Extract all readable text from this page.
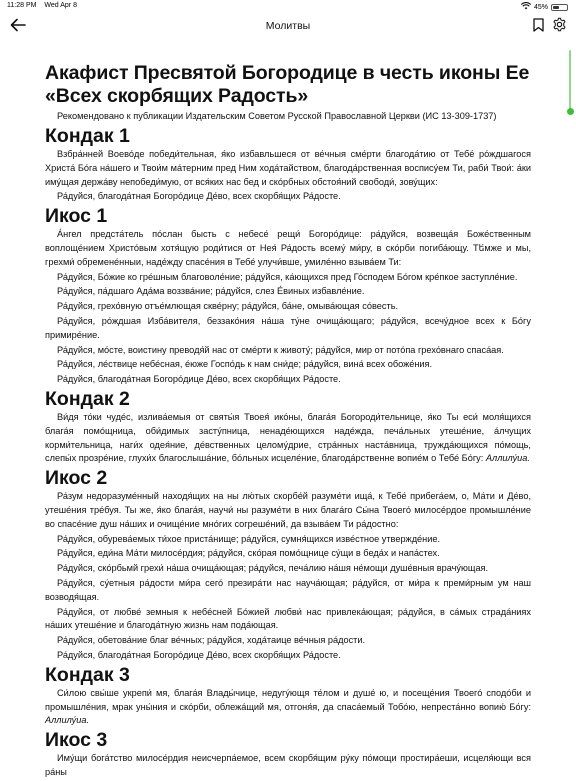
11:28 PM Wed Apr 8	45%
Молитвы
Акафист Пресвятой Богородице в честь иконы Ее «Всех скорбящих Радость»

Рекомендовано к публикации Издательским Советом Русской Православной Церкви (ИС 13-309-1737)

Кондак 1

Взбра́нней Воево́де победи́тельная, я́ко избавльшеся от ве́чныя сме́рти благода́тию от Тебе́ ро́ждшагося Христа́ Бо́га на́шего и Твои́м ма́терним пред Ним хода́тайством, благода́рственная воспису́ем Ти, раби́ Твои́: а́ки иму́щая держа́ву непобеди́мую, от вся́ких нас бед и ско́рбных обстоя́ний свободи́, зову́щих:

Ра́дуйся, благода́тная Богоро́дице Де́во, всех скорбя́щих Ра́досте.

Икос 1

А́нгел предста́тель по́слан бысть с небесе́ рещи́ Богоро́дице: ра́дуйся, возвеща́я Боже́ственным воплоще́нием Христо́вым хотя́щую роди́тися от Нея́ Ра́дость всему́ ми́ру, в ско́рби погиба́ющу. Тե́мже и мы, грехми́ обремене́нныи, наде́жду спасе́ния в Тебе́ улучи́вше, умиле́нно взыва́ем Ти:

Ра́дуйся, Бо́жие ко гре́шным благоволе́ние; ра́дуйся, ка́ющихся пред Го́сподем Бо́гом кре́пкое заступле́ние.

Ра́дуйся, па́дшаго Ада́ма воззва́ние; ра́дуйся, слез Е́виных избавле́ние.

Ра́дуйся, грехо́вную отъе́млющая скве́рну; ра́дуйся, ба́не, омыва́ющая со́весть.

Ра́дуйся, ро́ждшая Изба́вителя, беззако́ния на́ша ту́не очища́ющаго; ра́дуйся, всечу́дное всех к Бо́гу примире́ние.

Ра́дуйся, мо́сте, воистину преводя́й нас от сме́рти к животу́; ра́дуйся, мир от пото́па грехо́внаго спаса́ая.

Ра́дуйся, ле́ствице небе́сная, е́юже Госпо́дь к нам сни́де; ра́дуйся, вина́ всех обоже́ния.

Ра́дуйся, благода́тная Богоро́дице Де́во, всех скорбя́щих Ра́досте.

Кондак 2

Ви́дя то́ки чуде́с, излива́емыя от святы́я Твоея́ ико́ны, блага́я Богороди́тельнице, я́ко Ты еси́ моля́щихся блага́я помо́щница, оби́димых засту́пница, ненаде́ющихся наде́жда, печа́льных утеше́ние, а́лчущих корми́тельница, наги́х одея́ние, де́вственных целому́дрие, стра́нных наста́вница, тружда́ющихся по́мощь, слепы́х прозре́ние, глухи́х благослыша́ние, бо́льных исцеле́ние, благода́рственне вопие́м о Тебе́ Бо́гу: Аллилу́иа.

Икос 2

Ра́зум недоразуме́нный находя́щих на ны лю́тых скорбе́й разуме́ти ища́, к Тебе́ прибега́ем, о, Ма́ти и Де́во, утеше́ния тре́буя. Ты же, я́ко блага́я, научи́ ны разуме́ти в них блага́го Сы́на Твоего́ милосе́рдое промышле́ние во спасе́ние душ на́ших и очище́ние мно́гих согреше́ний, да взыва́ем Ти ра́достно:

Ра́дуйся, обурева́емых ти́хое приста́нище; ра́дуйся, сумня́щихся изве́стное утвержде́ние.

Ра́дуйся, еди́на Ма́ти милосе́рдия; ра́дуйся, ско́рая помо́щнице су́щи в беда́х и напа́стех.

Ра́дуйся, ско́рбьмй грехи́ на́ша очища́ющая; ра́дуйся, печа́лию на́шя не́мощи душе́вныя врачу́ющая.

Ра́дуйся, су́етныя ра́дости ми́ра сего́ презира́ти нас науча́ющая; ра́дуйся, от ми́ра к преми́рным ум наш возводя́щая.

Ра́дуйся, от любве́ земныя к небе́сней Бо́жией любви́ нас привлека́ющая; ра́дуйся, в са́мых страда́ниях на́ших утеше́ние и благода́тную жизнь нам пода́ющая.

Ра́дуйся, обетова́ние благ ве́чных; ра́дуйся, хода́таице ве́чныя ра́дости.

Ра́дуйся, благода́тная Богоро́дице Де́во, всех скорбя́щих Ра́досте.

Кондак 3

Си́лою свы́ше укрепи́ мя, блага́я Влады́чице, недугу́ющя те́лом и душе́ ю, и посеще́ния Твоего́ сподо́би и промышле́ния, мрак уны́ния и ско́рби, облежа́щий мя, отгоня́я, да спаса́емый Тобо́ю, непреста́нно вопию́ Бо́гу: Аллилу́иа.

Икос 3

Иму́щи бога́тство милосе́рдия неисчерпа́емое, всем скорбя́щим ру́ку по́мощи простира́еши, исцеля́ющи вся ра́ны
